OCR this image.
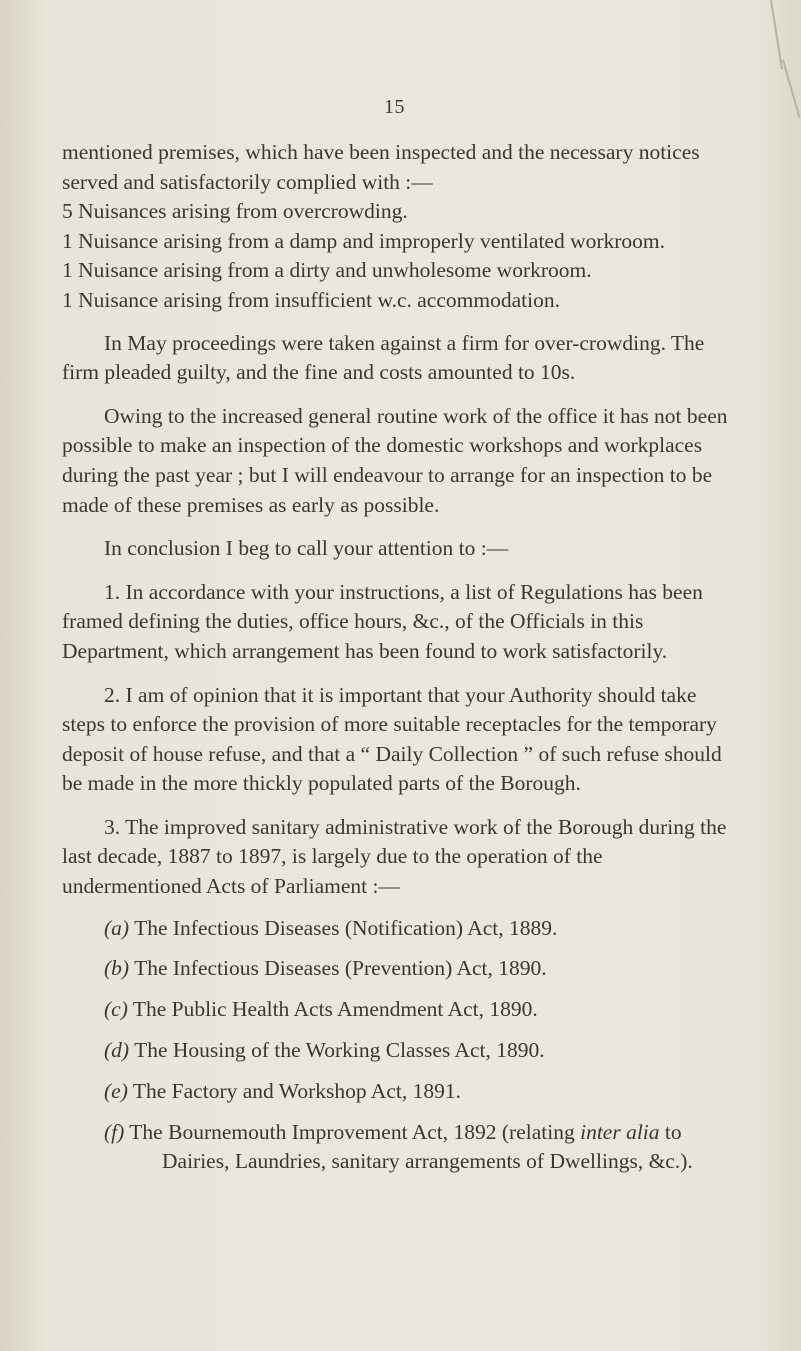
15

mentioned premises, which have been inspected and the necessary notices served and satisfactorily complied with :—

5 Nuisances arising from overcrowding.

1 Nuisance arising from a damp and improperly ventilated workroom.

1 Nuisance arising from a dirty and unwholesome workroom.

1 Nuisance arising from insufficient w.c. accommodation.

In May proceedings were taken against a firm for over-crowding. The firm pleaded guilty, and the fine and costs amounted to 10s.

Owing to the increased general routine work of the office it has not been possible to make an inspection of the domestic workshops and workplaces during the past year ; but I will endeavour to arrange for an inspection to be made of these premises as early as possible.

In conclusion I beg to call your attention to :—

1. In accordance with your instructions, a list of Regulations has been framed defining the duties, office hours, &c., of the Officials in this Department, which arrangement has been found to work satisfactorily.

2. I am of opinion that it is important that your Authority should take steps to enforce the provision of more suitable receptacles for the temporary deposit of house refuse, and that a “ Daily Collection ” of such refuse should be made in the more thickly populated parts of the Borough.

3. The improved sanitary administrative work of the Borough during the last decade, 1887 to 1897, is largely due to the operation of the undermentioned Acts of Parliament :—

(a) The Infectious Diseases (Notification) Act, 1889.

(b) The Infectious Diseases (Prevention) Act, 1890.

(c) The Public Health Acts Amendment Act, 1890.

(d) The Housing of the Working Classes Act, 1890.

(e) The Factory and Workshop Act, 1891.

(f) The Bournemouth Improvement Act, 1892 (relating inter alia to Dairies, Laundries, sanitary arrangements of Dwellings, &c.).
